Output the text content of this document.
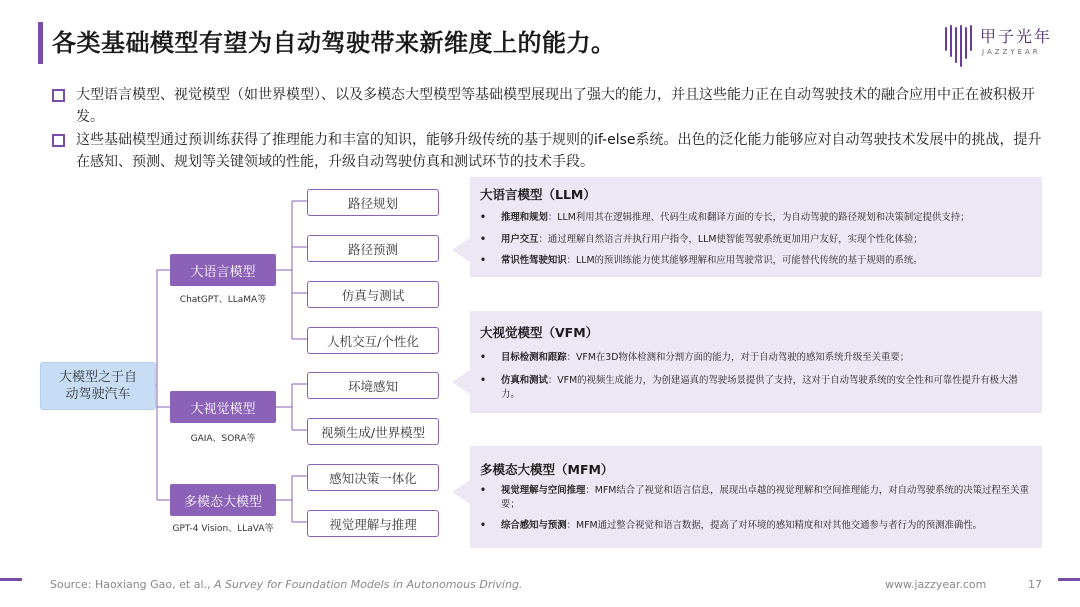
各类基础模型有望为自动驾驶带来新维度上的能力。	甲子光年
JAZZYEAR
大型语言模型、视觉模型（如世界模型）、以及多模态大型模型等基础模型展现出了强大的能力，并且这些能力正在自动驾驶技术的融合应用中正在被积极开发。
这些基础模型通过预训练获得了推理能力和丰富的知识，能够升级传统的基于规则的if-else系统。出色的泛化能力能够应对自动驾驶技术发展中的挑战，提升在感知、预测、规划等关键领域的性能，升级自动驾驶仿真和测试环节的技术手段。
大模型之于自动驾驶汽车
大语言模型
ChatGPT、LLaMA等
大视觉模型
GAIA、SORA等
多模态大模型
GPT-4 Vision、LLaVA等
路径规划
路径预测
仿真与测试
人机交互/个性化
环境感知
视频生成/世界模型
感知决策一体化
视觉理解与推理
大语言模型（LLM）
•	推理和规划：LLM利用其在逻辑推理、代码生成和翻译方面的专长，为自动驾驶的路径规划和决策制定提供支持；
•	用户交互：通过理解自然语言并执行用户指令，LLM使智能驾驶系统更加用户友好，实现个性化体验；
•	常识性驾驶知识：LLM的预训练能力使其能够理解和应用驾驶常识，可能替代传统的基于规则的系统。
大视觉模型（VFM）
•	目标检测和跟踪：VFM在3D物体检测和分割方面的能力，对于自动驾驶的感知系统升级至关重要；
•	仿真和测试：VFM的视频生成能力，为创建逼真的驾驶场景提供了支持，这对于自动驾驶系统的安全性和可靠性提升有极大潜力。
多模态大模型（MFM）
•	视觉理解与空间推理：MFM结合了视觉和语言信息，展现出卓越的视觉理解和空间推理能力，对自动驾驶系统的决策过程至关重要；
•	综合感知与预测：MFM通过整合视觉和语言数据，提高了对环境的感知精度和对其他交通参与者行为的预测准确性。
Source: Haoxiang Gao, et al., A Survey for Foundation Models in Autonomous Driving.	www.jazzyear.com	17
